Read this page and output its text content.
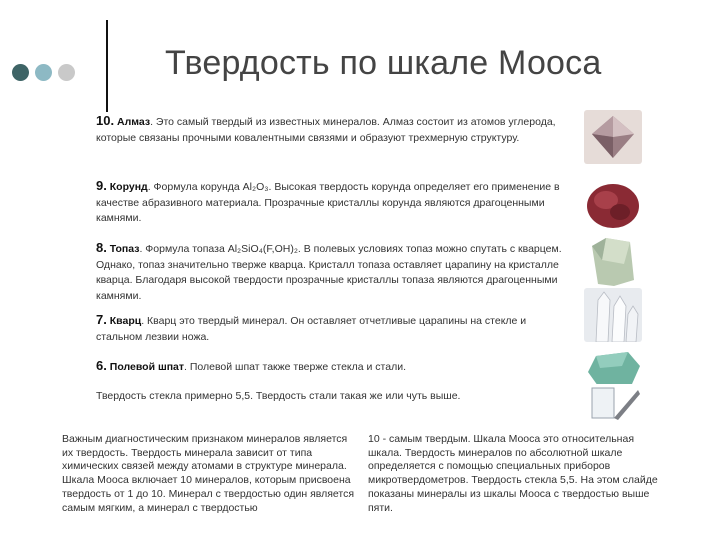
Твердость по шкале Мооса
10. Алмаз. Это самый твердый из известных минералов. Алмаз состоит из атомов углерода, которые связаны прочными ковалентными связями и образуют трехмерную структуру.
9. Корунд. Формула корунда Al₂O₃. Высокая твердость корунда определяет его применение в качестве абразивного материала. Прозрачные кристаллы корунда являются драгоценными камнями.
8. Топаз. Формула топаза Al₂SiO₄(F,OH)₂. В полевых условиях топаз можно спутать с кварцем. Однако, топаз значительно тверже кварца. Кристалл топаза оставляет царапину на кристалле кварца. Благодаря высокой твердости прозрачные кристаллы топаза являются драгоценными камнями.
7. Кварц. Кварц это твердый минерал. Он оставляет отчетливые царапины на стекле и стальном лезвии ножа.
6. Полевой шпат. Полевой шпат также тверже стекла и стали.
Твердость стекла примерно 5,5. Твердость стали такая же или чуть выше.
Важным диагностическим признаком минералов является их твердость. Твердость минерала зависит от типа химических связей между атомами в структуре минерала. Шкала Мооса включает 10 минералов, которым присвоена твердость от 1 до 10. Минерал с твердостью один является самым мягким, а минерал с твердостью
10 - самым твердым. Шкала Мооса это относительная шкала. Твердость минералов по абсолютной шкале определяется с помощью специальных приборов микротвердометров. Твердость стекла 5,5. На этом слайде показаны минералы из шкалы Мооса с твердостью выше пяти.
